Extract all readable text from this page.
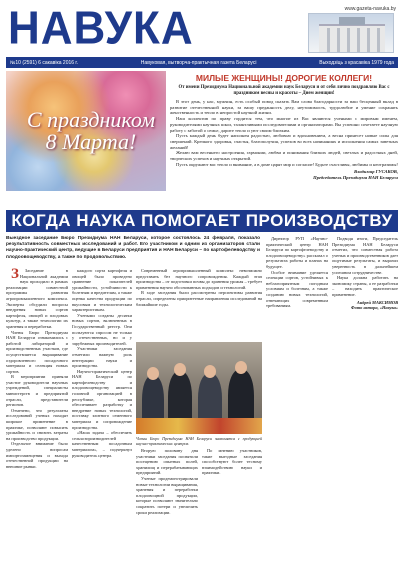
НАВУКА	www.gazeta-navuka.by
№10 (2591) 6 сакавіка 2016 г.	Навуковая, вытворча-практычная газета Беларусі	Выходзіць з красавіка 1979 года
С праздником 8 Марта!
МИЛЫЕ ЖЕНЩИНЫ! ДОРОГИЕ КОЛЛЕГИ!
От имени Президиума Национальной академии наук Беларуси и от себя лично поздравляю Вас с праздником весны и красоты – Днем женщин!

В этот день, у нас, мужчин, есть особый повод сказать Вам слова благодарности за ваш бесценный вклад в развитие отечественной науки, за вашу преданность делу, неутомимость, трудолюбие и умение сохранять женственность и тепло в непростой научной жизни.

Наш коллектив по праву гордится тем, что многие из Вас являются учеными с мировым именем, руководителями научных школ, талантливыми исследователями и организаторами. Вы успешно сочетаете научную работу с заботой о семье, дарите тепло и уют своим близким.

Пусть каждый день будет наполнен радостью, любовью и вдохновением, а весна принесет новые силы для свершений. Крепкого здоровья, счастья, благополучия, успехов во всех начинаниях и исполнения самых заветных желаний!

Желаю вам весеннего настроения, гармонии, любви и понимания близких людей, светлых и радостных дней, творческих успехов и научных открытий.

Пусть окружают вас тепло и внимание, а в доме царят мир и согласие! Будьте счастливы, любимы и неотразимы!

Владимир ГУСАКОВ,
Председатель Президиума НАН Беларуси
КОГДА НАУКА ПОМОГАЕТ ПРОИЗВОДСТВУ
Выездное заседание Бюро Президиума НАН Беларуси, которое состоялось 24 февраля, показало результативность совместных исследований и работ. Его участником и одним из организаторов стали научно-практический центр, ведущие в Беларуси предприятия и НАН Беларуси – по картофелеводству и плодоовощеводству, а также по продовольствию.

З Заседание в Национальной академии наук проходило в рамках реализации совместной программы развития агропромышленного комплекса. Эксперты обсудили вопросы внедрения новых сортов картофеля, овощей и плодовых культур, а также технологии их хранения и переработки.

Члены Бюро Президиума НАН Беларуси ознакомились с работой лабораторий и производственных участков, где осуществляется выращивание оздоровленного посадочного материала и селекция новых сортов.

В мероприятии приняли участие руководители научных учреждений, специалисты министерств и предприятий отрасли, представители регионов.

Отмечено, что результаты исследований ученых находят широкое применение в практике, позволяют повысить урожайность и снизить затраты на производство продукции.

Отдельное внимание было уделено вопросам импортозамещения и выхода отечественной продукции на внешние рынки.

каждого сорта картофеля и овощей было проведено сравнение показателей урожайности, устойчивости к болезням и вредителям, а также оценка качества продукции по вкусовым и технологическим характеристикам.

Учеными созданы десятки новых сортов, включенных в Государственный реестр. Они пользуются спросом не только у отечественных, но и у зарубежных производителей.

Участники заседания отметили важную роль интеграции науки и производства.

Научно-практический центр НАН Беларуси по картофелеводству и плодоовощеводству является головной организацией в республике, которая обеспечивает разработку и внедрение новых технологий, поставку элитного семенного материала и сопровождение производства.

«Наша задача – обеспечить сельхозпроизводителей качественным посадочным материалом», – подчеркнул руководитель центра.

Современный агропромышленный комплекс невозможно представить без научного сопровождения. Каждый этап производства – от подготовки почвы до хранения урожая – требует применения научно обоснованных подходов и технологий.

В ходе заседания были рассмотрены перспективы развития отрасли, определены приоритетные направления исследований на ближайшие годы.

Члены Бюро Президиума НАН Беларуси знакомятся с продукцией научно-практических центров.

Вторую половину дня участники заседания посвятили посещению опытных полей, хранилищ и перерабатывающих предприятий.

Ученые продемонстрировали новые технологии выращивания, хранения и переработки плодоовощной продукции, которые позволяют значительно сократить потери и увеличить сроки реализации.

По мнению участников, такие выездные заседания способствуют более тесному взаимодействию науки и практики.

Директор РУП «Научно-практический центр НАН Беларуси по картофелеводству и плодоовощеводству» рассказал о результатах работы и планах на будущее.

Особое внимание уделяется селекции сортов, устойчивых к неблагоприятным погодным условиям и болезням, а также созданию новых технологий, отвечающих современным требованиям.

Подводя итоги, Председатель Президиума НАН Беларуси отметил, что совместная работа ученых и производственников дает ощутимые результаты, и выразил уверенность в дальнейшем успешном сотрудничестве.

Наука должна работать на экономику страны, а ее разработки – находить практическое применение.

Андрей МАКСИМОВ
Фото автора, «Навука»
